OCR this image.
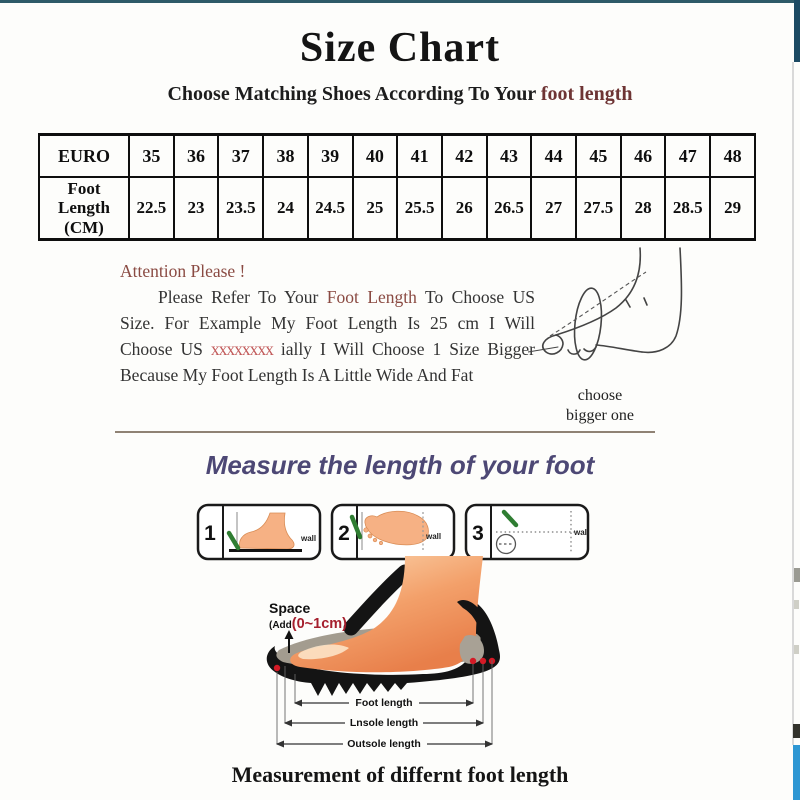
Size Chart
Choose Matching Shoes According To Your foot length
EURO	35	36	37	38	39	40	41	42	43	44	45	46	47	48

Foot
Length
(CM)	22.5	23	23.5	24	24.5	25	25.5	26	26.5	27	27.5	28	28.5	29
Attention Please !

Please Refer To Your Foot Length To Choose US Size. For Example My Foot Length Is 25 cm I Will Choose US xxxxxxxx ially I Will Choose 1 Size Bigger Because My Foot Length Is A Little Wide And Fat

choose
bigger one
Measure the length of your foot
1	wall 2	wall 3	wall
Space
(Add(0~1cm)
Foot length
Lnsole length
Outsole length
Measurement of differnt foot length
